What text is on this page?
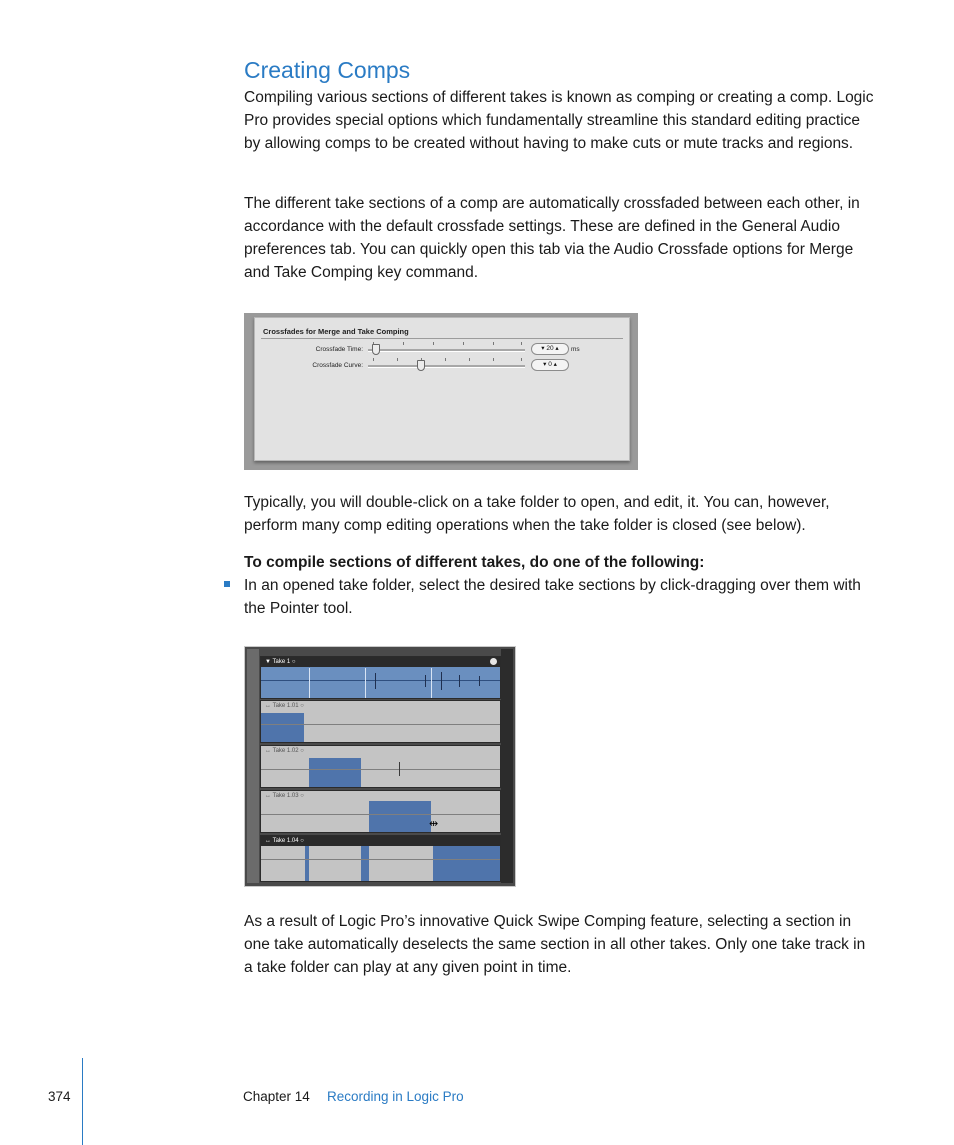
Creating Comps

Compiling various sections of different takes is known as comping or creating a comp. Logic Pro provides special options which fundamentally streamline this standard editing practice by allowing comps to be created without having to make cuts or mute tracks and regions.

The different take sections of a comp are automatically crossfaded between each other, in accordance with the default crossfade settings. These are defined in the General Audio preferences tab. You can quickly open this tab via the Audio Crossfade options for Merge and Take Comping key command.

Crossfades for Merge and Take Comping
Crossfade Time:	▾ 20 ▴	ms
Crossfade Curve:	▾ 0 ▴

Typically, you will double-click on a take folder to open, and edit, it. You can, however, perform many comp editing operations when the take folder is closed (see below).

To compile sections of different takes, do one of the following:

In an opened take folder, select the desired take sections by click-dragging over them with the Pointer tool.

▼ Take 1 ○
↔ Take 1.01 ○
↔ Take 1.02 ○
↔ Take 1.03 ○
⇹
↔ Take 1.04 ○

As a result of Logic Pro’s innovative Quick Swipe Comping feature, selecting a section in one take automatically deselects the same section in all other takes. Only one take track in a take folder can play at any given point in time.

374	Chapter 14 Recording in Logic Pro
